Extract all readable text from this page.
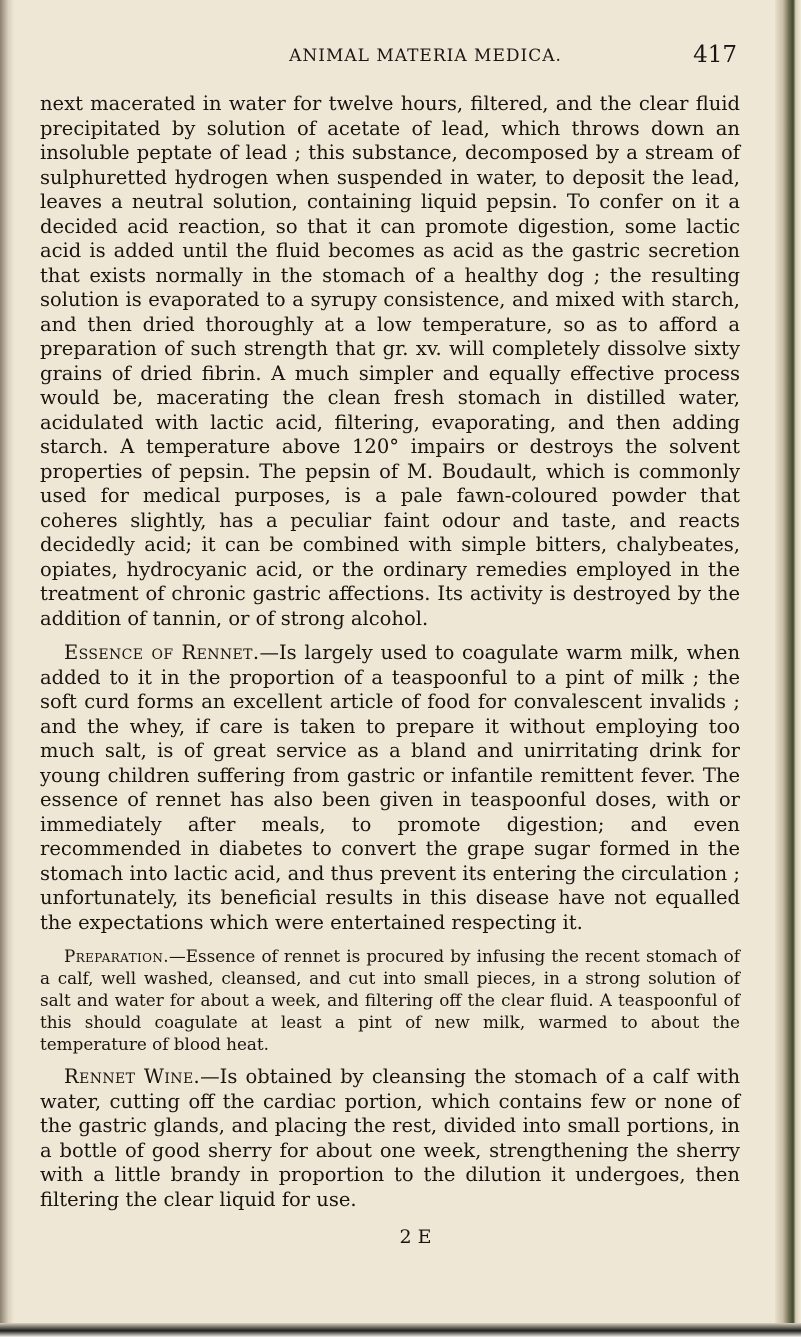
ANIMAL MATERIA MEDICA.	417

next macerated in water for twelve hours, filtered, and the clear fluid precipitated by solution of acetate of lead, which throws down an insoluble peptate of lead ; this substance, decomposed by a stream of sulphuretted hydrogen when suspended in water, to deposit the lead, leaves a neutral solution, containing liquid pepsin. To confer on it a decided acid reaction, so that it can promote digestion, some lactic acid is added until the fluid becomes as acid as the gastric secretion that exists normally in the stomach of a healthy dog ; the resulting solution is evaporated to a syrupy consistence, and mixed with starch, and then dried thoroughly at a low temperature, so as to afford a preparation of such strength that gr. xv. will completely dissolve sixty grains of dried fibrin. A much simpler and equally effective process would be, macerating the clean fresh stomach in distilled water, acidulated with lactic acid, filtering, evaporating, and then adding starch. A temperature above 120° impairs or destroys the solvent properties of pepsin. The pepsin of M. Boudault, which is commonly used for medical purposes, is a pale fawn-coloured powder that coheres slightly, has a peculiar faint odour and taste, and reacts decidedly acid; it can be combined with simple bitters, chalybeates, opiates, hydrocyanic acid, or the ordinary remedies employed in the treatment of chronic gastric affections. Its activity is destroyed by the addition of tannin, or of strong alcohol.

Essence of Rennet.—Is largely used to coagulate warm milk, when added to it in the proportion of a teaspoonful to a pint of milk ; the soft curd forms an excellent article of food for convalescent invalids ; and the whey, if care is taken to prepare it without employing too much salt, is of great service as a bland and unirritating drink for young children suffering from gastric or infantile remittent fever. The essence of rennet has also been given in teaspoonful doses, with or immediately after meals, to promote digestion; and even recommended in diabetes to convert the grape sugar formed in the stomach into lactic acid, and thus prevent its entering the circulation ; unfortunately, its beneficial results in this disease have not equalled the expectations which were entertained respecting it.

Preparation.—Essence of rennet is procured by infusing the recent stomach of a calf, well washed, cleansed, and cut into small pieces, in a strong solution of salt and water for about a week, and filtering off the clear fluid. A teaspoonful of this should coagulate at least a pint of new milk, warmed to about the temperature of blood heat.

Rennet Wine.—Is obtained by cleansing the stomach of a calf with water, cutting off the cardiac portion, which contains few or none of the gastric glands, and placing the rest, divided into small portions, in a bottle of good sherry for about one week, strengthening the sherry with a little brandy in proportion to the dilution it undergoes, then filtering the clear liquid for use.

2 E
